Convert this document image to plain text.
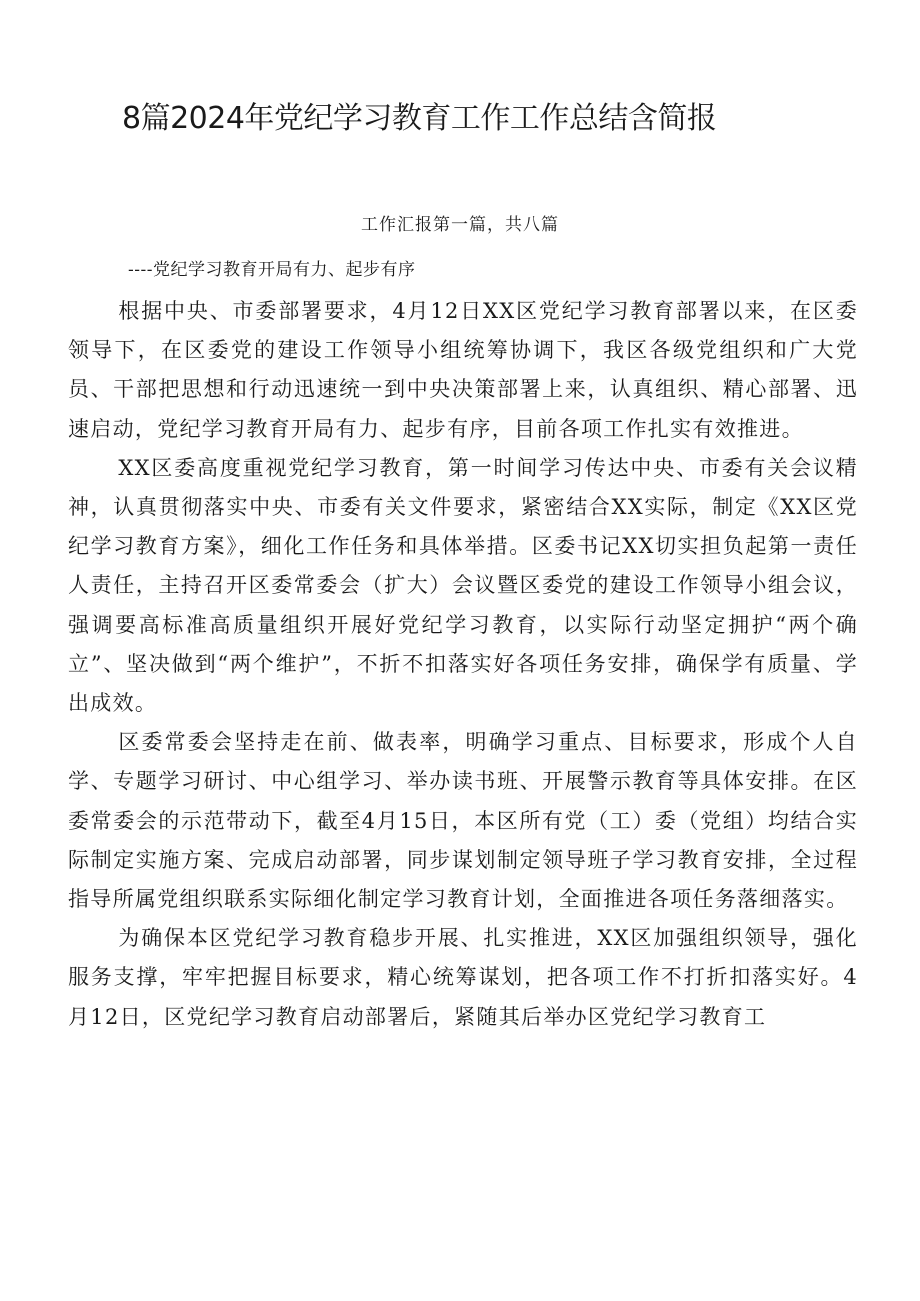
8篇2024年党纪学习教育工作工作总结含简报
工作汇报第一篇，共八篇
----党纪学习教育开局有力、起步有序

根据中央、市委部署要求，4月12日XX区党纪学习教育部署以来，在区委领导下，在区委党的建设工作领导小组统筹协调下，我区各级党组织和广大党员、干部把思想和行动迅速统一到中央决策部署上来，认真组织、精心部署、迅速启动，党纪学习教育开局有力、起步有序，目前各项工作扎实有效推进。

XX区委高度重视党纪学习教育，第一时间学习传达中央、市委有关会议精神，认真贯彻落实中央、市委有关文件要求，紧密结合XX实际，制定《XX区党纪学习教育方案》，细化工作任务和具体举措。区委书记XX切实担负起第一责任人责任，主持召开区委常委会（扩大）会议暨区委党的建设工作领导小组会议，强调要高标准高质量组织开展好党纪学习教育，以实际行动坚定拥护“两个确立”、坚决做到“两个维护”，不折不扣落实好各项任务安排，确保学有质量、学出成效。

区委常委会坚持走在前、做表率，明确学习重点、目标要求，形成个人自学、专题学习研讨、中心组学习、举办读书班、开展警示教育等具体安排。在区委常委会的示范带动下，截至4月15日，本区所有党（工）委（党组）均结合实际制定实施方案、完成启动部署，同步谋划制定领导班子学习教育安排，全过程指导所属党组织联系实际细化制定学习教育计划，全面推进各项任务落细落实。

为确保本区党纪学习教育稳步开展、扎实推进，XX区加强组织领导，强化服务支撑，牢牢把握目标要求，精心统筹谋划，把各项工作不打折扣落实好。4月12日，区党纪学习教育启动部署后，紧随其后举办区党纪学习教育工
